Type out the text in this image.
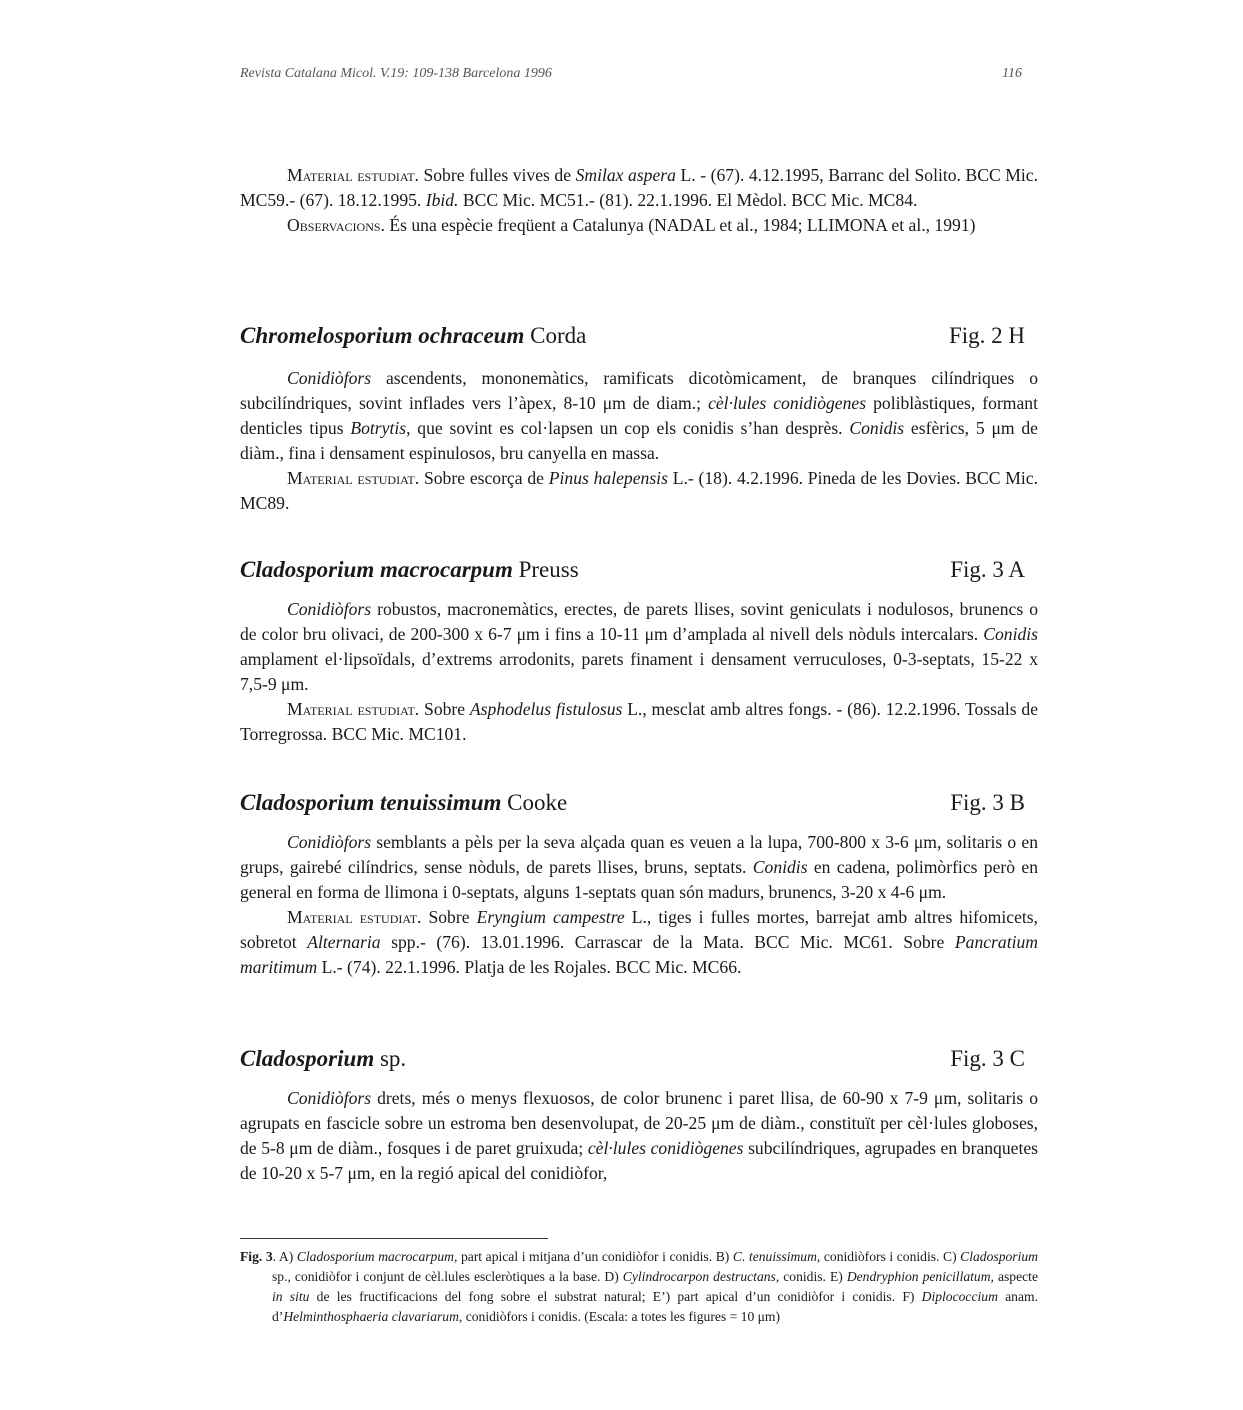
Revista Catalana Micol. V.19: 109-138 Barcelona 1996	116

Material estudiat. Sobre fulles vives de Smilax aspera L. - (67). 4.12.1995, Barranc del Solito. BCC Mic. MC59.- (67). 18.12.1995. Ibid. BCC Mic. MC51.- (81). 22.1.1996. El Mèdol. BCC Mic. MC84.

Observacions. És una espècie freqüent a Catalunya (NADAL et al., 1984; LLIMONA et al., 1991)

Chromelosporium ochraceum Corda	Fig. 2 H

Conidiòfors ascendents, mononemàtics, ramificats dicotòmicament, de branques cilíndriques o subcilíndriques, sovint inflades vers l’àpex, 8-10 μm de diam.; cèl·lules conidiògenes poliblàstiques, formant denticles tipus Botrytis, que sovint es col·lapsen un cop els conidis s’han desprès. Conidis esfèrics, 5 μm de diàm., fina i densament espinulosos, bru canyella en massa.

Material estudiat. Sobre escorça de Pinus halepensis L.- (18). 4.2.1996. Pineda de les Dovies. BCC Mic. MC89.

Cladosporium macrocarpum Preuss	Fig. 3 A

Conidiòfors robustos, macronemàtics, erectes, de parets llises, sovint geniculats i nodulosos, brunencs o de color bru olivaci, de 200-300 x 6-7 μm i fins a 10-11 μm d’amplada al nivell dels nòduls intercalars. Conidis amplament el·lipsoïdals, d’extrems arrodonits, parets finament i densament verruculoses, 0-3-septats, 15-22 x 7,5-9 μm.

Material estudiat. Sobre Asphodelus fistulosus L., mesclat amb altres fongs. - (86). 12.2.1996. Tossals de Torregrossa. BCC Mic. MC101.

Cladosporium tenuissimum Cooke	Fig. 3 B

Conidiòfors semblants a pèls per la seva alçada quan es veuen a la lupa, 700-800 x 3-6 μm, solitaris o en grups, gairebé cilíndrics, sense nòduls, de parets llises, bruns, septats. Conidis en cadena, polimòrfics però en general en forma de llimona i 0-septats, alguns 1-septats quan són madurs, brunencs, 3-20 x 4-6 μm.

Material estudiat. Sobre Eryngium campestre L., tiges i fulles mortes, barrejat amb altres hifomicets, sobretot Alternaria spp.- (76). 13.01.1996. Carrascar de la Mata. BCC Mic. MC61. Sobre Pancratium maritimum L.- (74). 22.1.1996. Platja de les Rojales. BCC Mic. MC66.

Cladosporium sp.	Fig. 3 C

Conidiòfors drets, més o menys flexuosos, de color brunenc i paret llisa, de 60-90 x 7-9 μm, solitaris o agrupats en fascicle sobre un estroma ben desenvolupat, de 20-25 μm de diàm., constituït per cèl·lules globoses, de 5-8 μm de diàm., fosques i de paret gruixuda; cèl·lules conidiògenes subcilíndriques, agrupades en branquetes de 10-20 x 5-7 μm, en la regió apical del conidiòfor,

Fig. 3. A) Cladosporium macrocarpum, part apical i mitjana d’un conidiòfor i conidis. B) C. tenuissimum, conidiòfors i conidis. C) Cladosporium sp., conidiòfor i conjunt de cèl.lules escleròtiques a la base. D) Cylindrocarpon destructans, conidis. E) Dendryphion penicillatum, aspecte in situ de les fructificacions del fong sobre el substrat natural; E’) part apical d’un conidiòfor i conidis. F) Diplococcium anam. d’Helminthosphaeria clavariarum, conidiòfors i conidis. (Escala: a totes les figures = 10 μm)
